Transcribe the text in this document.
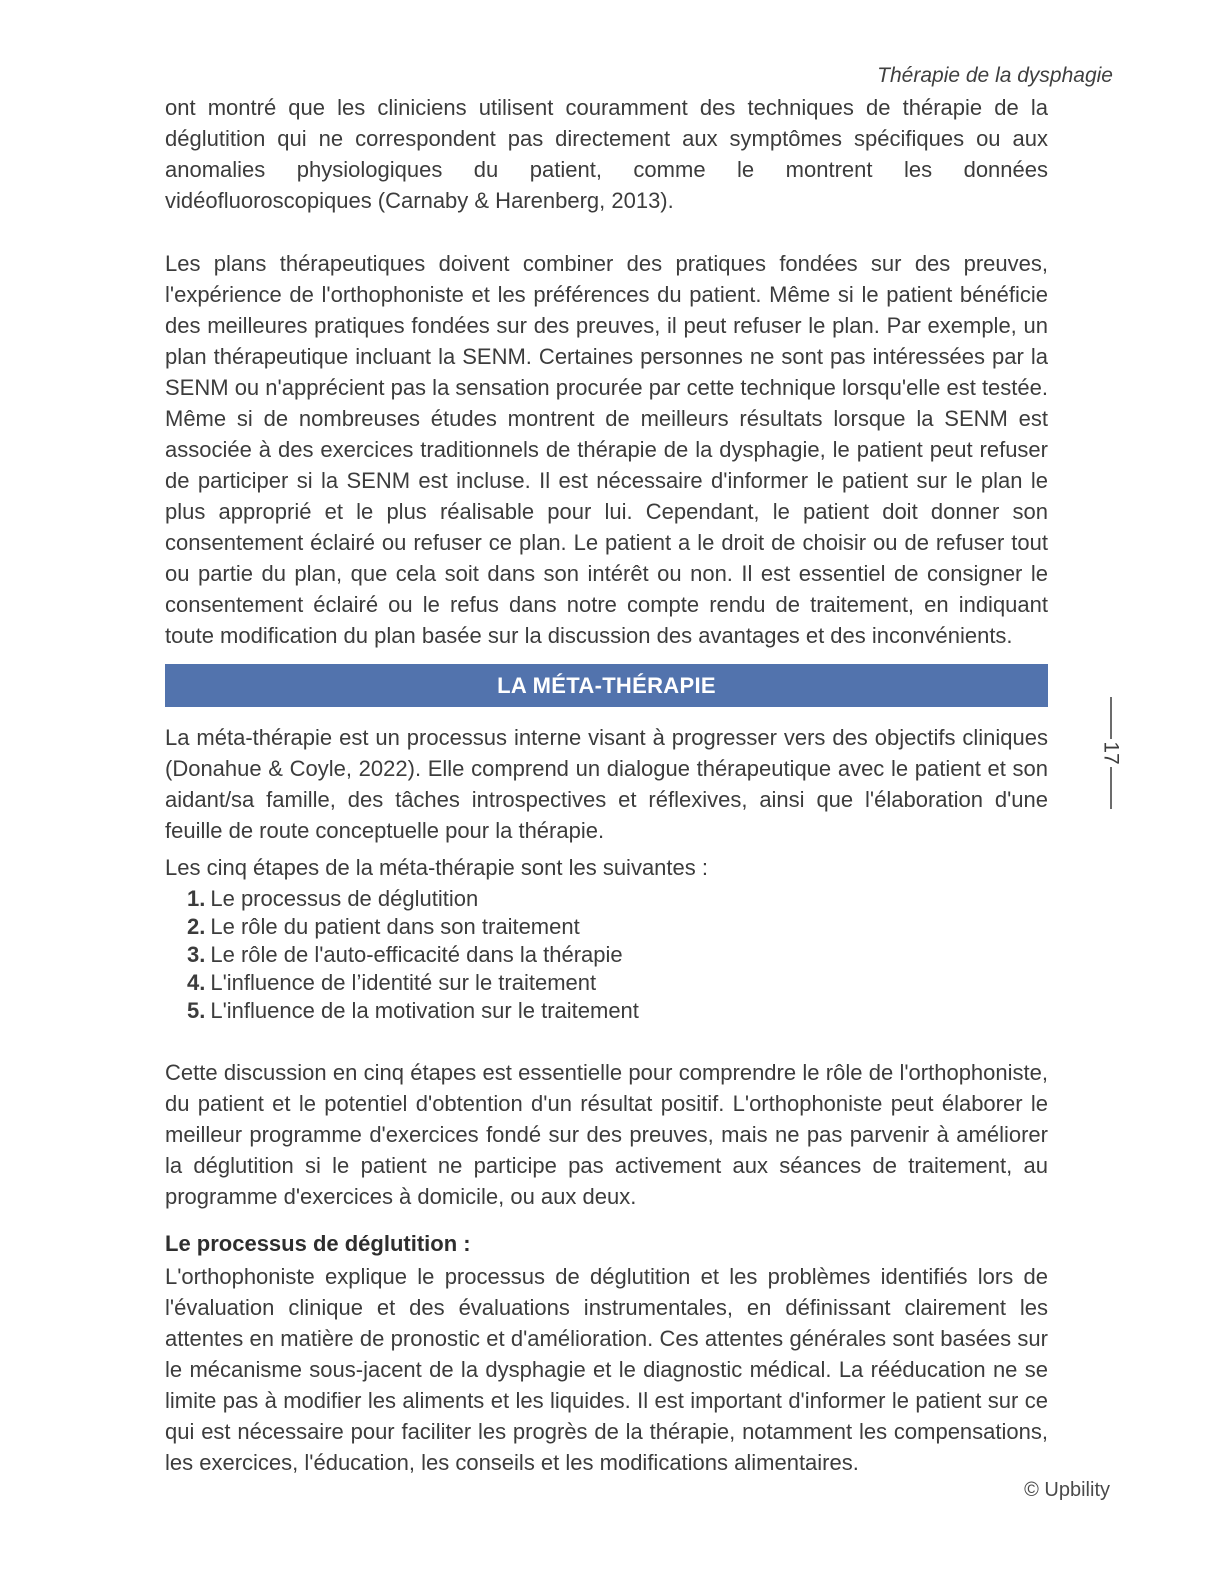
Thérapie de la dysphagie

ont montré que les cliniciens utilisent couramment des techniques de thérapie de la déglutition qui ne correspondent pas directement aux symptômes spécifiques ou aux anomalies physiologiques du patient, comme le montrent les données vidéofluoroscopiques (Carnaby & Harenberg, 2013).

Les plans thérapeutiques doivent combiner des pratiques fondées sur des preuves, l'expérience de l'orthophoniste et les préférences du patient. Même si le patient bénéficie des meilleures pratiques fondées sur des preuves, il peut refuser le plan. Par exemple, un plan thérapeutique incluant la SENM. Certaines personnes ne sont pas intéressées par la SENM ou n'apprécient pas la sensation procurée par cette technique lorsqu'elle est testée. Même si de nombreuses études montrent de meilleurs résultats lorsque la SENM est associée à des exercices traditionnels de thérapie de la dysphagie, le patient peut refuser de participer si la SENM est incluse. Il est nécessaire d'informer le patient sur le plan le plus approprié et le plus réalisable pour lui. Cependant, le patient doit donner son consentement éclairé ou refuser ce plan. Le patient a le droit de choisir ou de refuser tout ou partie du plan, que cela soit dans son intérêt ou non. Il est essentiel de consigner le consentement éclairé ou le refus dans notre compte rendu de traitement, en indiquant toute modification du plan basée sur la discussion des avantages et des inconvénients.

LA MÉTA-THÉRAPIE

La méta-thérapie est un processus interne visant à progresser vers des objectifs cliniques (Donahue & Coyle, 2022). Elle comprend un dialogue thérapeutique avec le patient et son aidant/sa famille, des tâches introspectives et réflexives, ainsi que l'élaboration d'une feuille de route conceptuelle pour la thérapie.

Les cinq étapes de la méta-thérapie sont les suivantes :

1. Le processus de déglutition
2. Le rôle du patient dans son traitement
3. Le rôle de l'auto-efficacité dans la thérapie
4. L'influence de l’identité sur le traitement
5. L'influence de la motivation sur le traitement

Cette discussion en cinq étapes est essentielle pour comprendre le rôle de l'orthophoniste, du patient et le potentiel d'obtention d'un résultat positif. L'orthophoniste peut élaborer le meilleur programme d'exercices fondé sur des preuves, mais ne pas parvenir à améliorer la déglutition si le patient ne participe pas activement aux séances de traitement, au programme d'exercices à domicile, ou aux deux.

Le processus de déglutition :

L'orthophoniste explique le processus de déglutition et les problèmes identifiés lors de l'évaluation clinique et des évaluations instrumentales, en définissant clairement les attentes en matière de pronostic et d'amélioration. Ces attentes générales sont basées sur le mécanisme sous-jacent de la dysphagie et le diagnostic médical. La rééducation ne se limite pas à modifier les aliments et les liquides. Il est important d'informer le patient sur ce qui est nécessaire pour faciliter les progrès de la thérapie, notamment les compensations, les exercices, l'éducation, les conseils et les modifications alimentaires.

17
© Upbility
